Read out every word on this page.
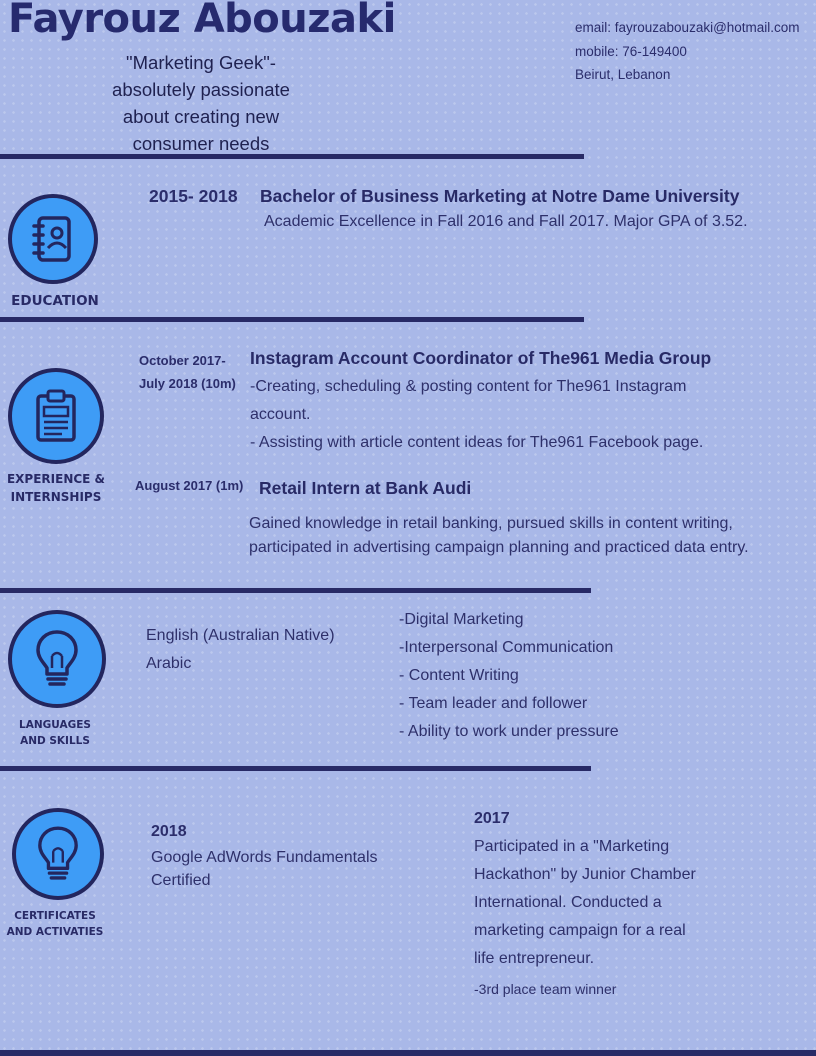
Fayrouz Abouzaki
"Marketing Geek"- absolutely passionate about creating new consumer needs
email: fayrouzabouzaki@hotmail.com
mobile: 76-149400
Beirut, Lebanon
EDUCATION
2015- 2018 Bachelor of Business Marketing at Notre Dame University
Academic Excellence in Fall 2016 and Fall 2017. Major GPA of 3.52.
EXPERIENCE &
INTERNSHIPS
October 2017-
July 2018 (10m)
Instagram Account Coordinator of The961 Media Group
-Creating, scheduling & posting content for The961 Instagram
account.
- Assisting with article content ideas for The961 Facebook page.
August 2017 (1m) Retail Intern at Bank Audi
Gained knowledge in retail banking, pursued skills in content writing,
participated in advertising campaign planning and practiced data entry.
LANGUAGES
AND SKILLS
English (Australian Native)
Arabic
-Digital Marketing
-Interpersonal Communication
- Content Writing
- Team leader and follower
- Ability to work under pressure
CERTIFICATES
AND ACTIVATIES
2018
Google AdWords Fundamentals
Certified
2017
Participated in a "Marketing
Hackathon" by Junior Chamber
International. Conducted a
marketing campaign for a real
life entrepreneur.
-3rd place team winner
